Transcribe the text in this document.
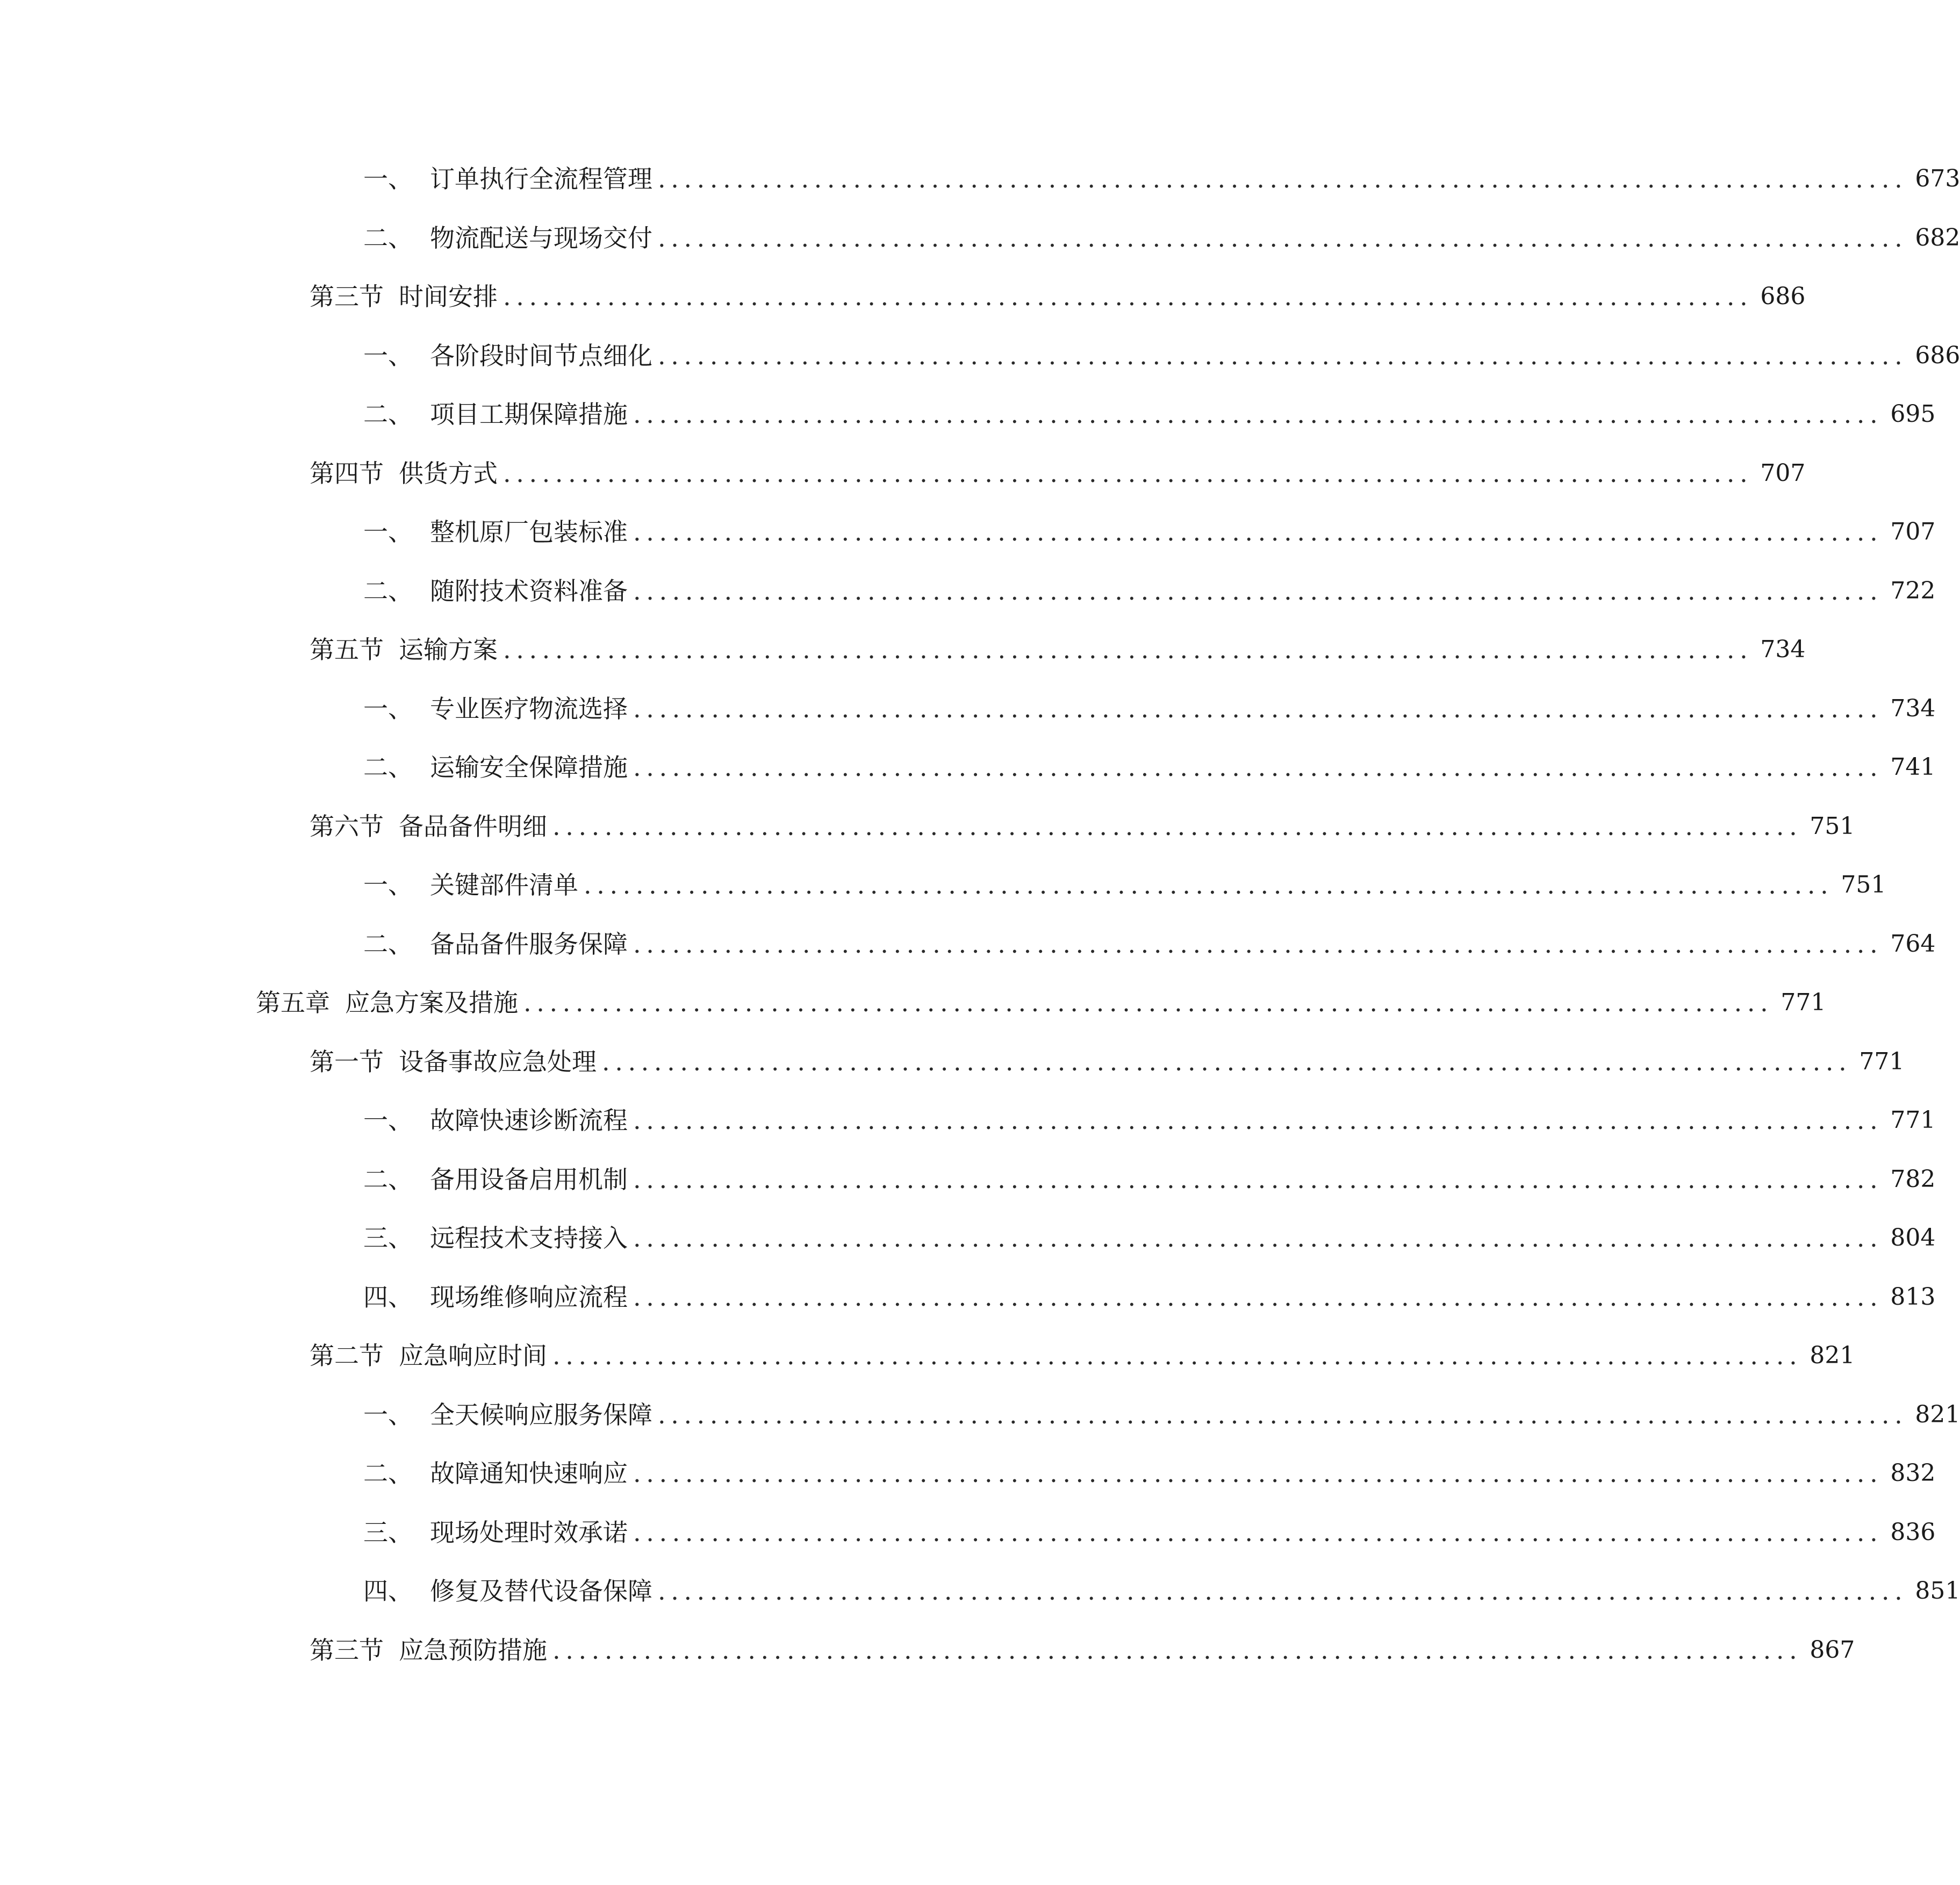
一、 订单执行全流程管理 ................................................................................................ 673
二、 物流配送与现场交付 ................................................................................................ 682
第三节 时间安排 ................................................................................................ 686
一、 各阶段时间节点细化 ................................................................................................ 686
二、 项目工期保障措施 ................................................................................................ 695
第四节 供货方式 ................................................................................................ 707
一、 整机原厂包装标准 ................................................................................................ 707
二、 随附技术资料准备 ................................................................................................ 722
第五节 运输方案 ................................................................................................ 734
一、 专业医疗物流选择 ................................................................................................ 734
二、 运输安全保障措施 ................................................................................................ 741
第六节 备品备件明细 ................................................................................................ 751
一、 关键部件清单 ................................................................................................ 751
二、 备品备件服务保障 ................................................................................................ 764
第五章 应急方案及措施 ................................................................................................ 771
第一节 设备事故应急处理 ................................................................................................ 771
一、 故障快速诊断流程 ................................................................................................ 771
二、 备用设备启用机制 ................................................................................................ 782
三、 远程技术支持接入 ................................................................................................ 804
四、 现场维修响应流程 ................................................................................................ 813
第二节 应急响应时间 ................................................................................................ 821
一、 全天候响应服务保障 ................................................................................................ 821
二、 故障通知快速响应 ................................................................................................ 832
三、 现场处理时效承诺 ................................................................................................ 836
四、 修复及替代设备保障 ................................................................................................ 851
第三节 应急预防措施 ................................................................................................ 867
